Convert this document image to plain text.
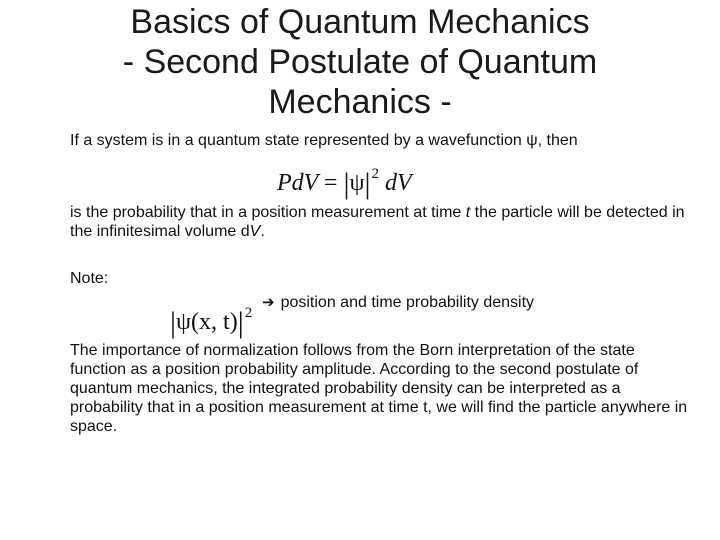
Basics of Quantum Mechanics
- Second Postulate of Quantum
Mechanics -
If a system is in a quantum state represented by a wavefunction ψ, then
PdV = $|\psi|^2$ dV
is the probability that in a position measurement at time t the particle will be detected in the infinitesimal volume dV.
Note:
|ψ(x, $t)|^2$
➔ position and time probability density
The importance of normalization follows from the Born interpretation of the state function as a position probability amplitude. According to the second postulate of quantum mechanics, the integrated probability density can be interpreted as a probability that in a position measurement at time t, we will find the particle anywhere in space.
